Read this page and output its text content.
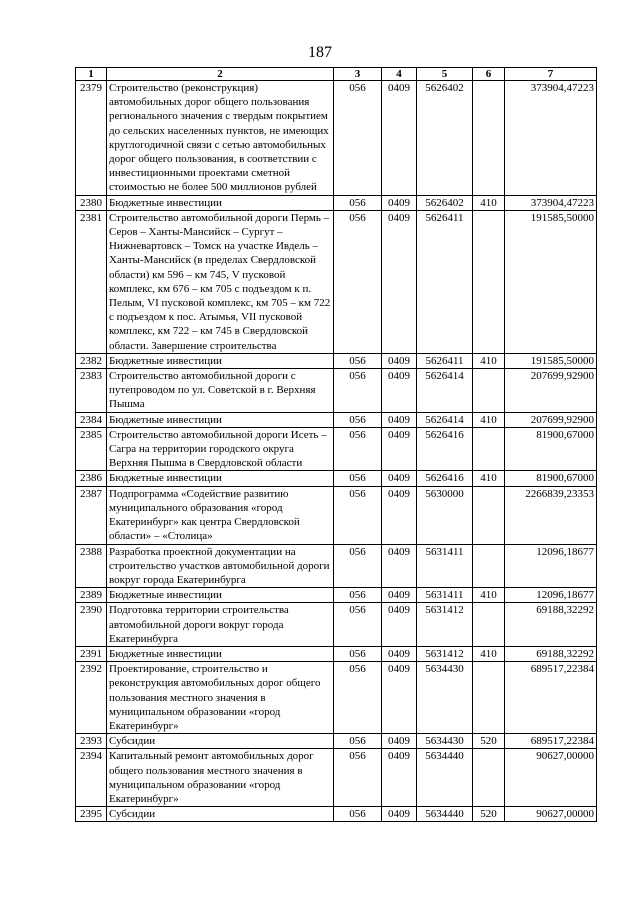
187
1	2	3	4	5	6	7
2379	Строительство (реконструкция) автомобильных дорог общего пользования регионального значения с твердым покрытием до сельских населенных пунктов, не имеющих круглогодичной связи с сетью автомобильных дорог общего пользования, в соответствии с инвестиционными проектами сметной стоимостью не более 500 миллионов рублей	056	0409	5626402		373904,47223
2380	Бюджетные инвестиции	056	0409	5626402	410	373904,47223
2381	Строительство автомобильной дороги Пермь – Серов – Ханты-Мансийск – Сургут – Нижневартовск – Томск на участке Ивдель – Ханты-Мансийск (в пределах Свердловской области) км 596 – км 745, V пусковой комплекс, км 676 – км 705 с подъездом к п. Пелым, VI пусковой комплекс, км 705 – км 722 с подъездом к пос. Атымья, VII пусковой комплекс, км 722 – км 745 в Свердловской области. Завершение строительства	056	0409	5626411		191585,50000
2382	Бюджетные инвестиции	056	0409	5626411	410	191585,50000
2383	Строительство автомобильной дороги с путепроводом по ул. Советской в г. Верхняя Пышма	056	0409	5626414		207699,92900
2384	Бюджетные инвестиции	056	0409	5626414	410	207699,92900
2385	Строительство автомобильной дороги Исеть – Сагра на территории городского округа Верхняя Пышма в Свердловской области	056	0409	5626416		81900,67000
2386	Бюджетные инвестиции	056	0409	5626416	410	81900,67000
2387	Подпрограмма «Содействие развитию муниципального образования «город Екатеринбург» как центра Свердловской области» – «Столица»	056	0409	5630000		2266839,23353
2388	Разработка проектной документации на строительство участков автомобильной дороги вокруг города Екатеринбурга	056	0409	5631411		12096,18677
2389	Бюджетные инвестиции	056	0409	5631411	410	12096,18677
2390	Подготовка территории строительства автомобильной дороги вокруг города Екатеринбурга	056	0409	5631412		69188,32292
2391	Бюджетные инвестиции	056	0409	5631412	410	69188,32292
2392	Проектирование, строительство и реконструкция автомобильных дорог общего пользования местного значения в муниципальном образовании «город Екатеринбург»	056	0409	5634430		689517,22384
2393	Субсидии	056	0409	5634430	520	689517,22384
2394	Капитальный ремонт автомобильных дорог общего пользования местного значения в муниципальном образовании «город Екатеринбург»	056	0409	5634440		90627,00000
2395	Субсидии	056	0409	5634440	520	90627,00000
